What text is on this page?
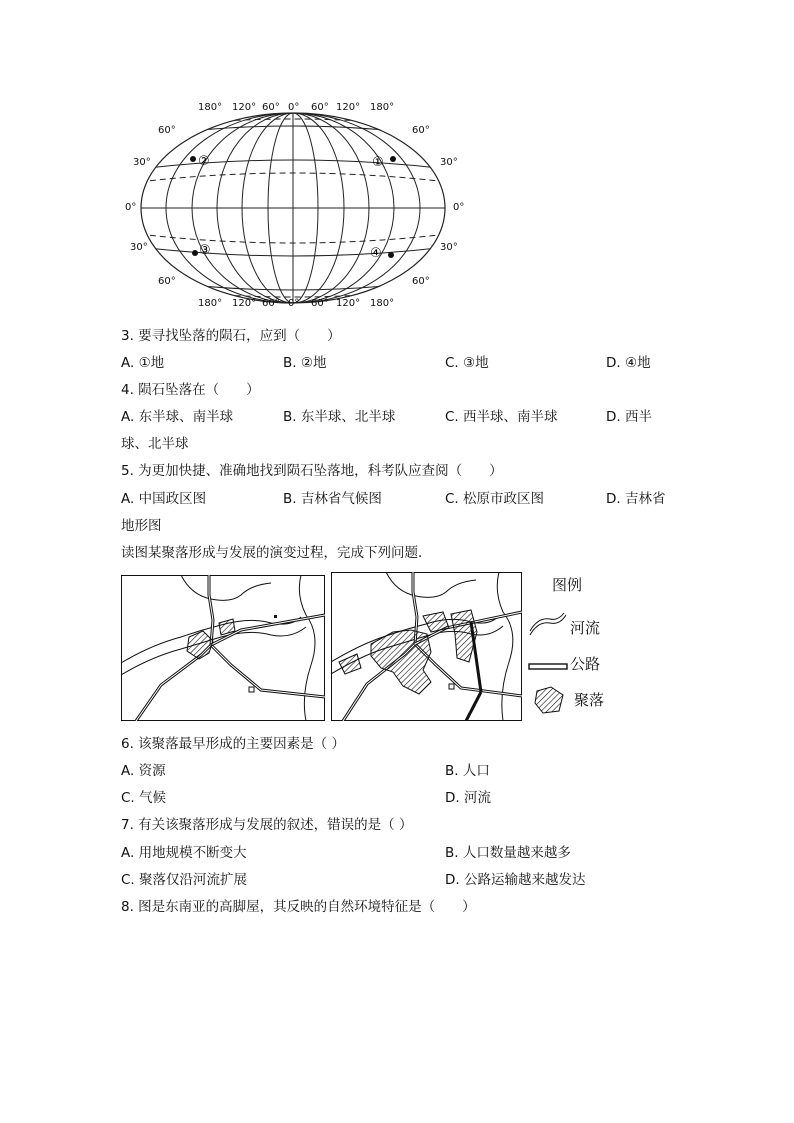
②	①
③	④
180° 120° 60° 0° 60° 120° 180°
180° 120° 60° 0° 60° 120° 180°
60°
30°
0°
30°
60°
60°
30°
0°
30°
60°
3. 要寻找坠落的陨石，应到（　　）
A. ①地	B. ②地	C. ③地	D. ④地
4. 陨石坠落在（　　）
A. 东半球、南半球	B. 东半球、北半球	C. 西半球、南半球	D. 西半
球、北半球
5. 为更加快捷、准确地找到陨石坠落地，科考队应查阅（　　）
A. 中国政区图	B. 吉林省气候图	C. 松原市政区图	D. 吉林省
地形图
读图某聚落形成与发展的演变过程，完成下列问题．
图例
河流
公路
聚落
6. 该聚落最早形成的主要因素是（ ）
A. 资源	B. 人口
C. 气候	D. 河流
7. 有关该聚落形成与发展的叙述，错误的是（ ）
A. 用地规模不断变大	B. 人口数量越来越多
C. 聚落仅沿河流扩展	D. 公路运输越来越发达
8. 图是东南亚的高脚屋，其反映的自然环境特征是（　　）
